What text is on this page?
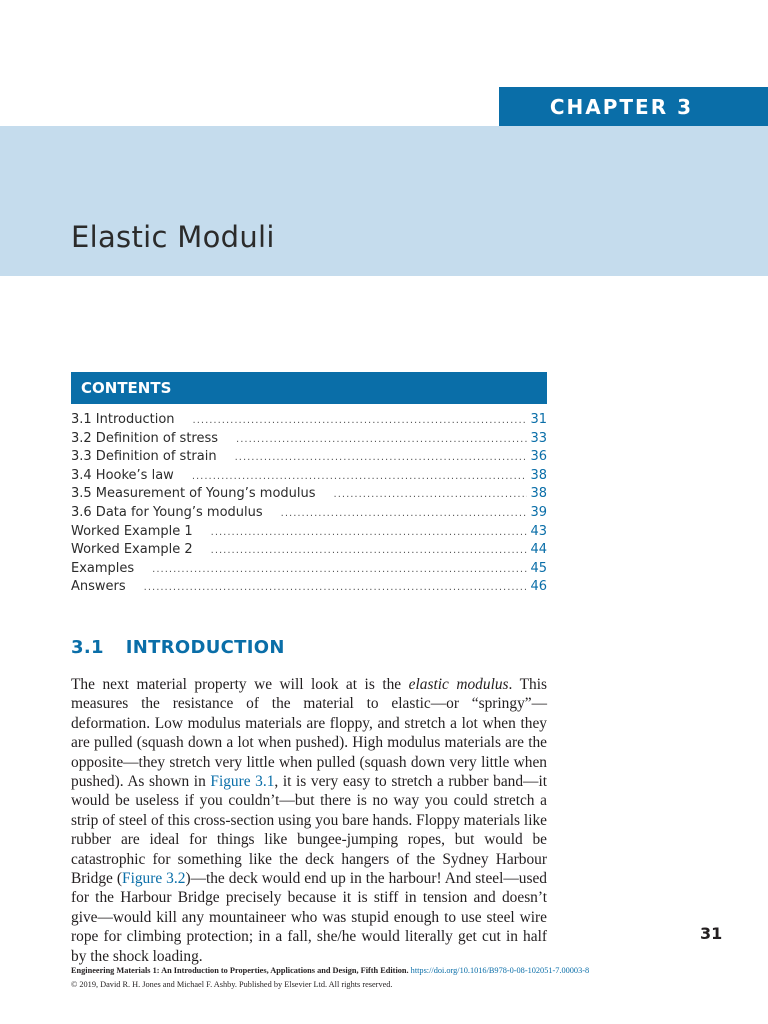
CHAPTER 3
Elastic Moduli
CONTENTS
3.1 Introduction .....	31
3.2 Definition of stress .....	33
3.3 Definition of strain .....	36
3.4 Hooke’s law .....	38
3.5 Measurement of Young’s modulus .....	38
3.6 Data for Young’s modulus .....	39
Worked Example 1 .....	43
Worked Example 2 .....	44
Examples .....	45
Answers .....	46
3.1 INTRODUCTION

The next material property we will look at is the elastic modulus. This measures the resistance of the material to elastic—or “springy”—deformation. Low modulus materials are floppy, and stretch a lot when they are pulled (squash down a lot when pushed). High modulus materials are the opposite—they stretch very little when pulled (squash down very little when pushed). As shown in Figure 3.1, it is very easy to stretch a rubber band—it would be useless if you couldn’t—but there is no way you could stretch a strip of steel of this cross-section using you bare hands. Floppy materials like rubber are ideal for things like bungee-jumping ropes, but would be catastrophic for something like the deck hangers of the Sydney Harbour Bridge (Figure 3.2)—the deck would end up in the harbour! And steel—used for the Harbour Bridge precisely because it is stiff in tension and doesn’t give—would kill any mountaineer who was stupid enough to use steel wire rope for climbing protection; in a fall, she/he would literally get cut in half by the shock loading.

31
Engineering Materials 1: An Introduction to Properties, Applications and Design, Fifth Edition. https://doi.org/10.1016/B978-0-08-102051-7.00003-8
© 2019, David R. H. Jones and Michael F. Ashby. Published by Elsevier Ltd. All rights reserved.
